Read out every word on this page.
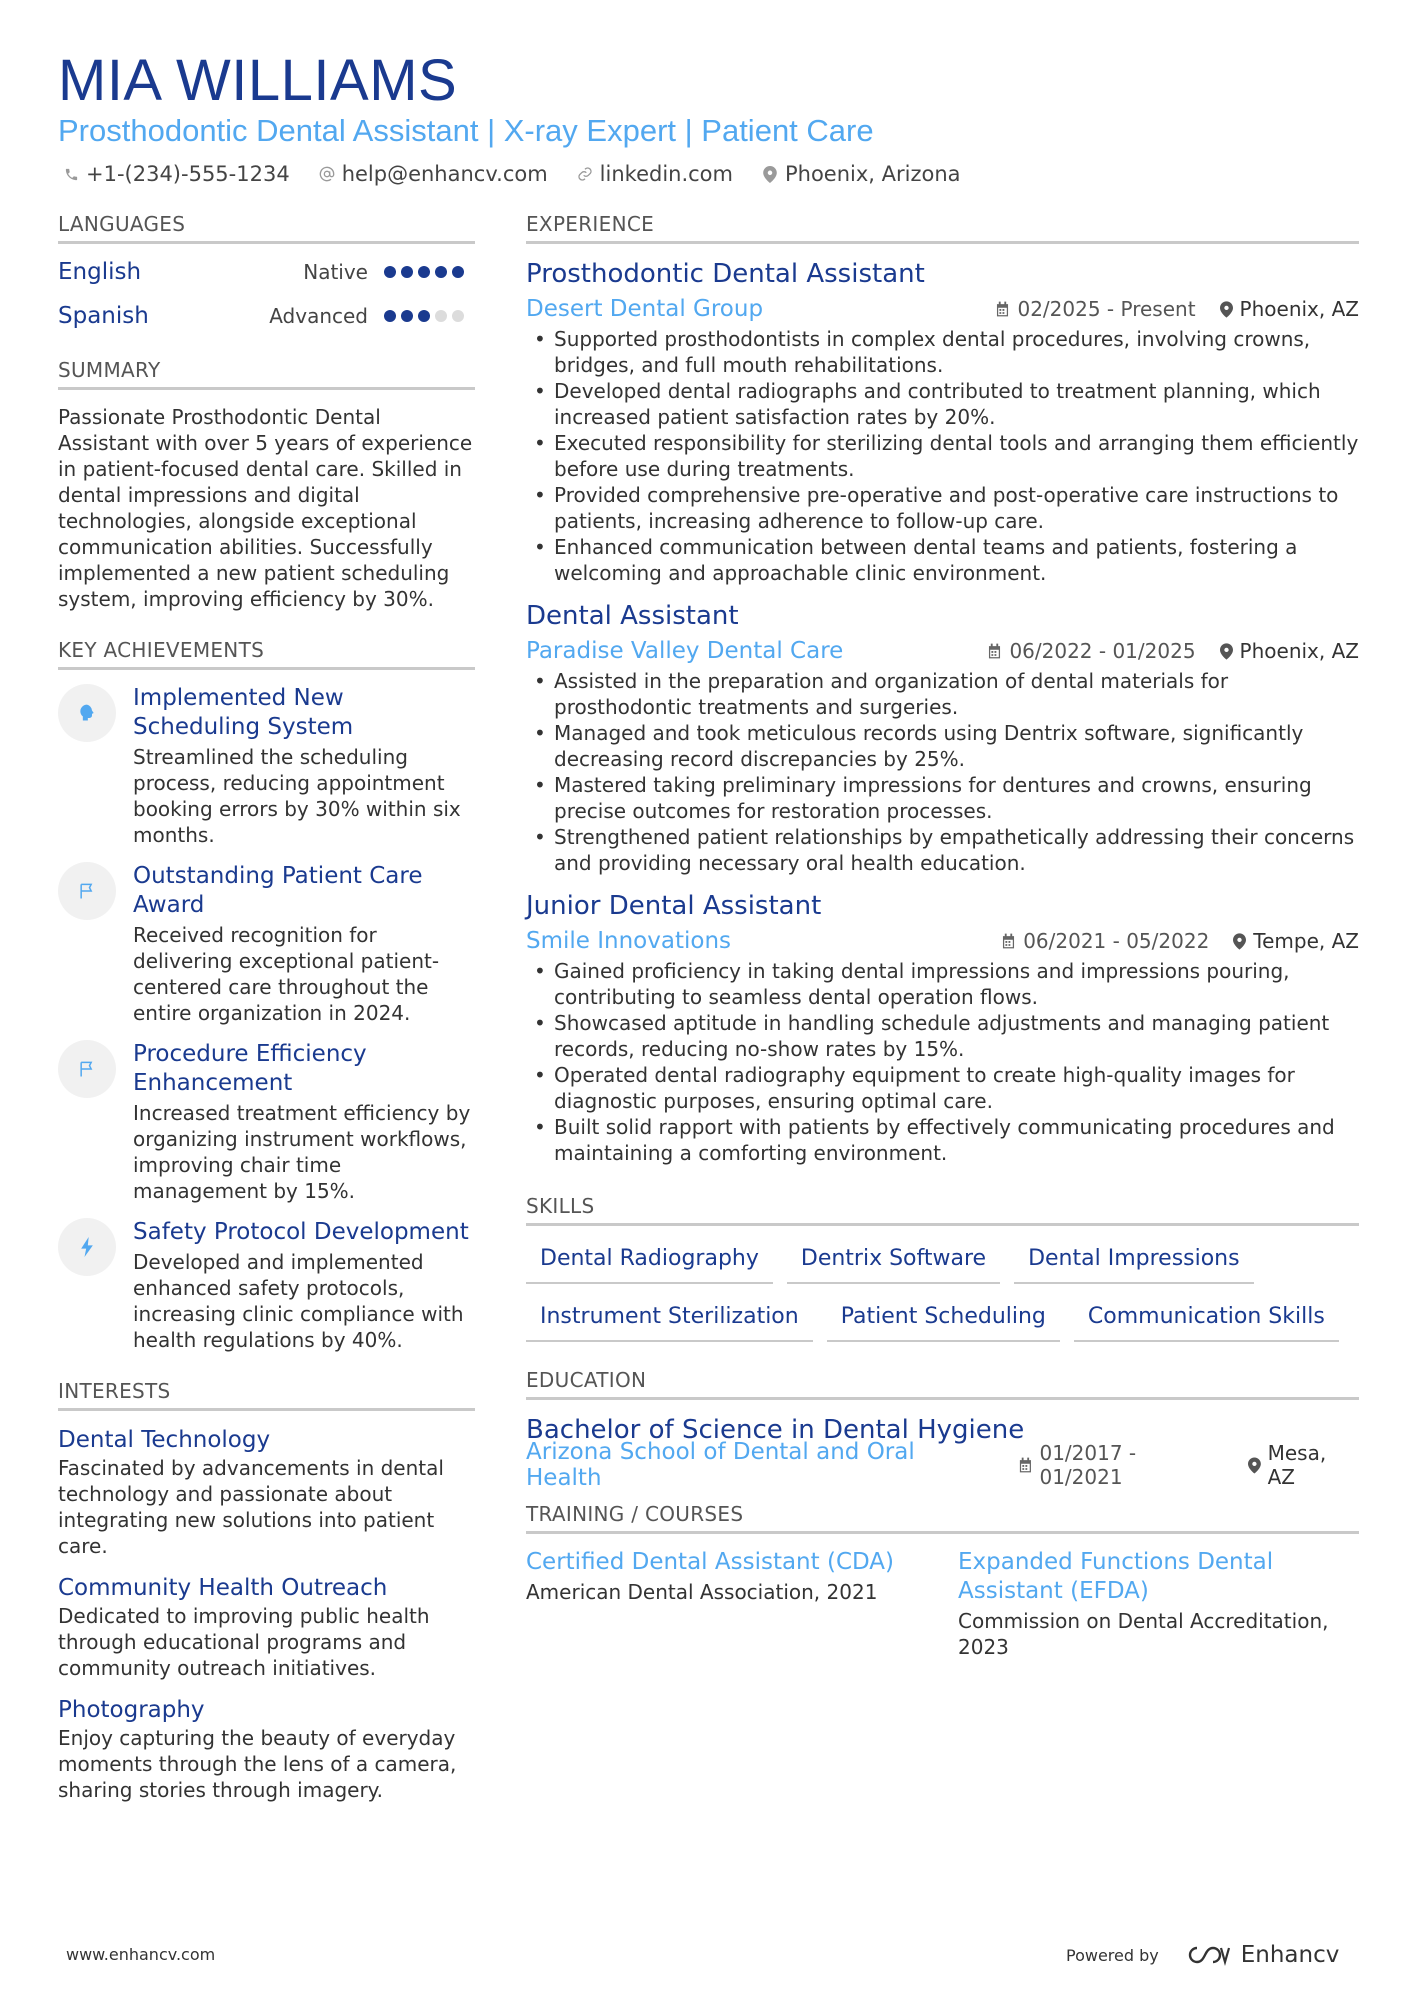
MIA WILLIAMS
Prosthodontic Dental Assistant | X-ray Expert | Patient Care
+1-(234)-555-1234 help@enhancv.com linkedin.com Phoenix, Arizona
LANGUAGES
English	Native
Spanish	Advanced
SUMMARY
Passionate Prosthodontic Dental Assistant with over 5 years of experience in patient-focused dental care. Skilled in dental impressions and digital technologies, alongside exceptional communication abilities. Successfully implemented a new patient scheduling system, improving efficiency by 30%.
KEY ACHIEVEMENTS
Implemented New Scheduling System
Streamlined the scheduling process, reducing appointment booking errors by 30% within six months.
Outstanding Patient Care Award
Received recognition for delivering exceptional patient-centered care throughout the entire organization in 2024.
Procedure Efficiency Enhancement
Increased treatment efficiency by organizing instrument workflows, improving chair time management by 15%.
Safety Protocol Development
Developed and implemented enhanced safety protocols, increasing clinic compliance with health regulations by 40%.
INTERESTS
Dental Technology
Fascinated by advancements in dental technology and passionate about integrating new solutions into patient care.
Community Health Outreach
Dedicated to improving public health through educational programs and community outreach initiatives.
Photography
Enjoy capturing the beauty of everyday moments through the lens of a camera, sharing stories through imagery.
EXPERIENCE
Prosthodontic Dental Assistant
Desert Dental Group	02/2025 - Present Phoenix, AZ
• Supported prosthodontists in complex dental procedures, involving crowns, bridges, and full mouth rehabilitations.
• Developed dental radiographs and contributed to treatment planning, which increased patient satisfaction rates by 20%.
• Executed responsibility for sterilizing dental tools and arranging them efficiently before use during treatments.
• Provided comprehensive pre-operative and post-operative care instructions to patients, increasing adherence to follow-up care.
• Enhanced communication between dental teams and patients, fostering a welcoming and approachable clinic environment.
Dental Assistant
Paradise Valley Dental Care	06/2022 - 01/2025 Phoenix, AZ
• Assisted in the preparation and organization of dental materials for prosthodontic treatments and surgeries.
• Managed and took meticulous records using Dentrix software, significantly decreasing record discrepancies by 25%.
• Mastered taking preliminary impressions for dentures and crowns, ensuring precise outcomes for restoration processes.
• Strengthened patient relationships by empathetically addressing their concerns and providing necessary oral health education.
Junior Dental Assistant
Smile Innovations	06/2021 - 05/2022 Tempe, AZ
• Gained proficiency in taking dental impressions and impressions pouring, contributing to seamless dental operation flows.
• Showcased aptitude in handling schedule adjustments and managing patient records, reducing no-show rates by 15%.
• Operated dental radiography equipment to create high-quality images for diagnostic purposes, ensuring optimal care.
• Built solid rapport with patients by effectively communicating procedures and maintaining a comforting environment.
SKILLS
Dental Radiography	Dentrix Software	Dental Impressions
Instrument Sterilization	Patient Scheduling	Communication Skills
EDUCATION
Bachelor of Science in Dental Hygiene
Arizona School of Dental and Oral Health
01/2017 - 01/2021
Mesa, AZ
TRAINING / COURSES
Certified Dental Assistant (CDA)
American Dental Association, 2021
Expanded Functions Dental Assistant (EFDA)
Commission on Dental Accreditation, 2023
www.enhancv.com	Powered by	Enhancv
